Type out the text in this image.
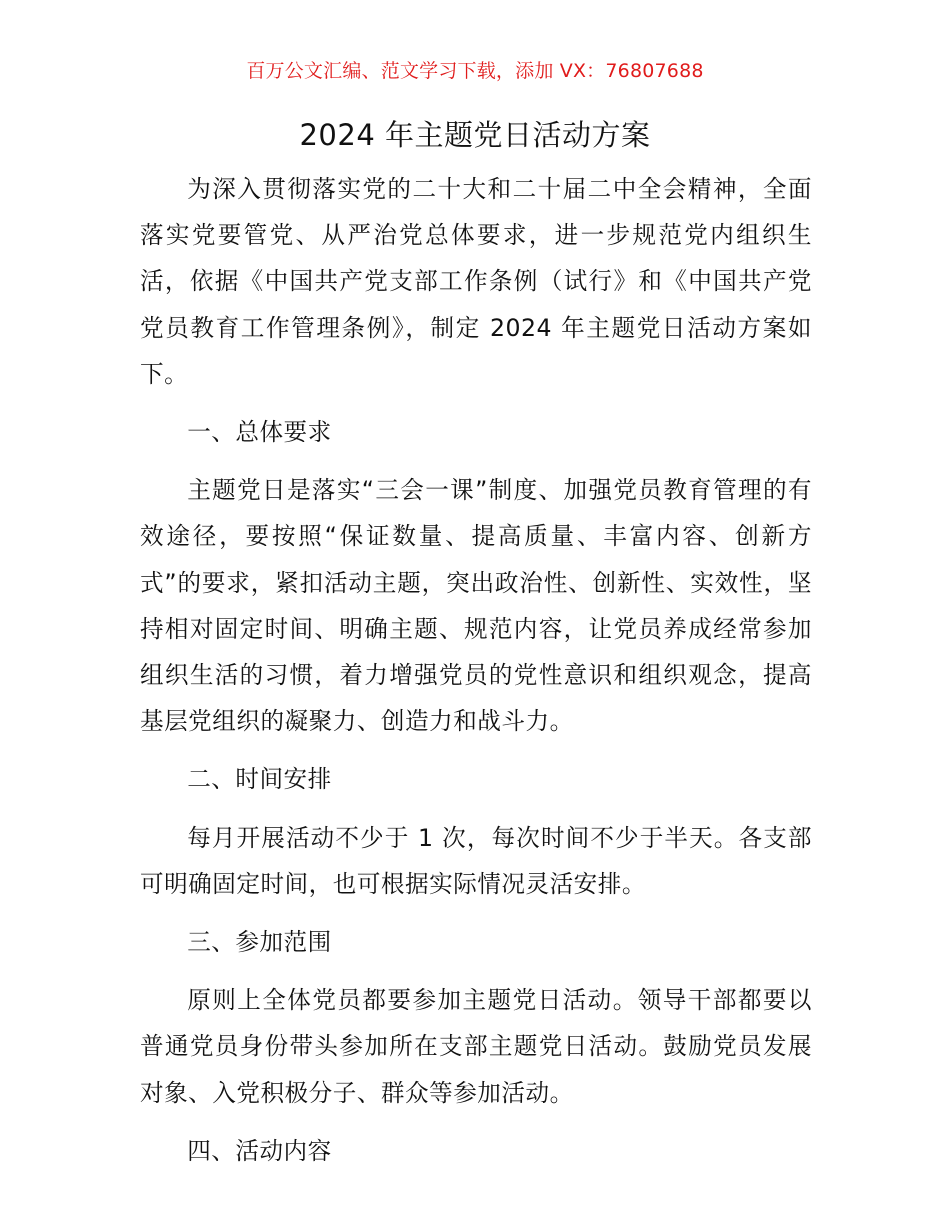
百万公文汇编、范文学习下载，添加 VX：76807688
2024 年主题党日活动方案

为深入贯彻落实党的二十大和二十届二中全会精神，全面落实党要管党、从严治党总体要求，进一步规范党内组织生活，依据《中国共产党支部工作条例（试行》和《中国共产党党员教育工作管理条例》，制定 2024 年主题党日活动方案如下。

一、总体要求

主题党日是落实“三会一课”制度、加强党员教育管理的有效途径，要按照“保证数量、提高质量、丰富内容、创新方式”的要求，紧扣活动主题，突出政治性、创新性、实效性，坚持相对固定时间、明确主题、规范内容，让党员养成经常参加组织生活的习惯，着力增强党员的党性意识和组织观念，提高基层党组织的凝聚力、创造力和战斗力。

二、时间安排

每月开展活动不少于 1 次，每次时间不少于半天。各支部可明确固定时间，也可根据实际情况灵活安排。

三、参加范围

原则上全体党员都要参加主题党日活动。领导干部都要以普通党员身份带头参加所在支部主题党日活动。鼓励党员发展对象、入党积极分子、群众等参加活动。

四、活动内容
